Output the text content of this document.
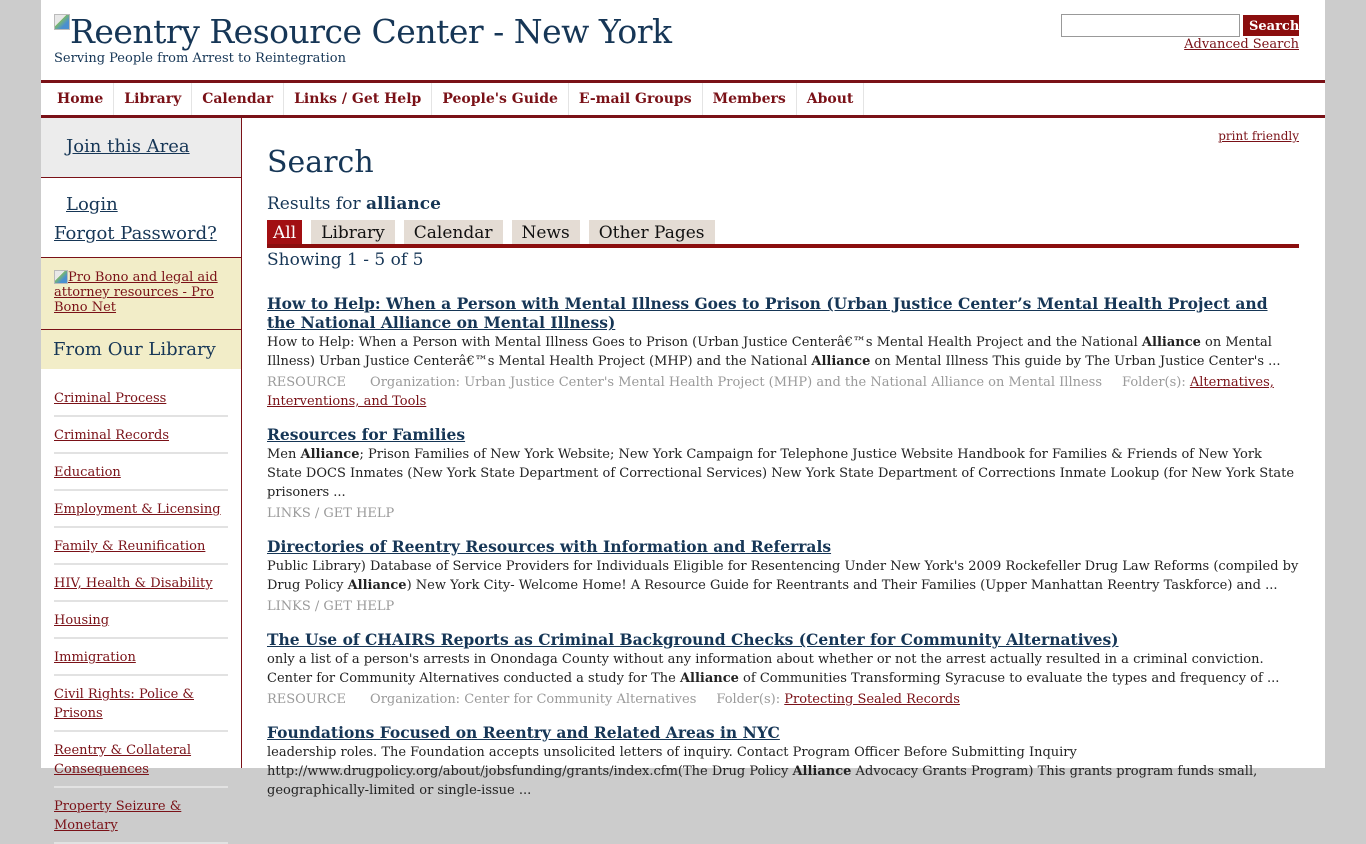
Reentry Resource Center - New York
Serving People from Arrest to Reintegration
Search
Advanced Search
Home	Library	Calendar	Links / Get Help	People's Guide	E-mail Groups	Members	About
Join this Area
Login
Forgot Password?
Pro Bono and legal aid attorney resources - Pro Bono Net
From Our Library
Criminal Process
Criminal Records
Education
Employment & Licensing
Family & Reunification
HIV, Health & Disability
Housing
Immigration
Civil Rights: Police & Prisons
Reentry & Collateral Consequences
Property Seizure & Monetary
print friendly
Search
Results for alliance
All	Library	Calendar	News	Other Pages
Showing 1 - 5 of 5
How to Help: When a Person with Mental Illness Goes to Prison (Urban Justice Center’s Mental Health Project and the National Alliance on Mental Illness)
How to Help: When a Person with Mental Illness Goes to Prison (Urban Justice Centerâ€™s Mental Health Project and the National Alliance on Mental Illness) Urban Justice Centerâ€™s Mental Health Project (MHP) and the National Alliance on Mental Illness This guide by The Urban Justice Center's ...
RESOURCE Organization: Urban Justice Center's Mental Health Project (MHP) and the National Alliance on Mental Illness Folder(s): Alternatives, Interventions, and Tools
Resources for Families
Men Alliance; Prison Families of New York Website; New York Campaign for Telephone Justice Website Handbook for Families & Friends of New York State DOCS Inmates (New York State Department of Correctional Services) New York State Department of Corrections Inmate Lookup (for New York State prisoners ...
LINKS / GET HELP
Directories of Reentry Resources with Information and Referrals
Public Library) Database of Service Providers for Individuals Eligible for Resentencing Under New York's 2009 Rockefeller Drug Law Reforms (compiled by Drug Policy Alliance) New York City- Welcome Home! A Resource Guide for Reentrants and Their Families (Upper Manhattan Reentry Taskforce) and ...
LINKS / GET HELP
The Use of CHAIRS Reports as Criminal Background Checks (Center for Community Alternatives)
only a list of a person's arrests in Onondaga County without any information about whether or not the arrest actually resulted in a criminal conviction. Center for Community Alternatives conducted a study for The Alliance of Communities Transforming Syracuse to evaluate the types and frequency of ...
RESOURCE Organization: Center for Community Alternatives Folder(s): Protecting Sealed Records
Foundations Focused on Reentry and Related Areas in NYC
leadership roles. The Foundation accepts unsolicited letters of inquiry. Contact Program Officer Before Submitting Inquiry http://www.drugpolicy.org/about/jobsfunding/grants/index.cfm(The Drug Policy Alliance Advocacy Grants Program) This grants program funds small, geographically-limited or single-issue ...
